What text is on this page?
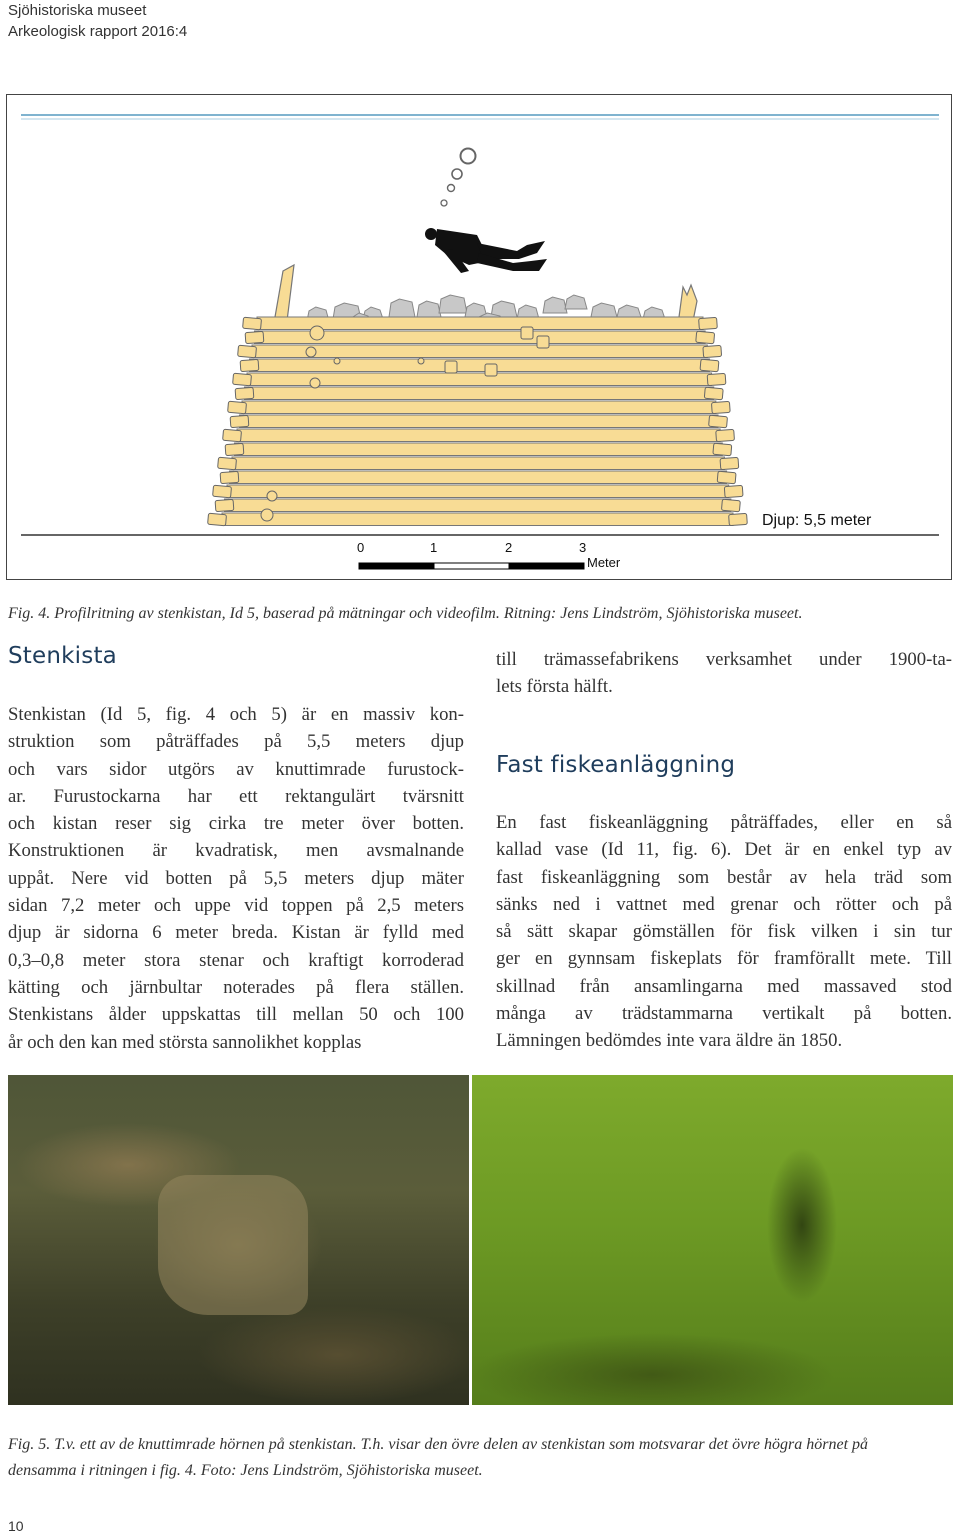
Sjöhistoriska museet
Arkeologisk rapport 2016:4
Djup: 5,5 meter
0	1	2	3
Meter
Fig. 4. Profilritning av stenkistan, Id 5, baserad på mätningar och videofilm. Ritning: Jens Lindström, Sjöhistoriska museet.
Stenkista
Stenkistan (Id 5, fig. 4 och 5) är en massiv kon-
struktion som påträffades på 5,5 meters djup
och vars sidor utgörs av knuttimrade furustock-
ar. Furustockarna har ett rektangulärt tvärsnitt
och kistan reser sig cirka tre meter över botten.
Konstruktionen är kvadratisk, men avsmalnande
uppåt. Nere vid botten på 5,5 meters djup mäter
sidan 7,2 meter och uppe vid toppen på 2,5 meters
djup är sidorna 6 meter breda. Kistan är fylld med
0,3–0,8 meter stora stenar och kraftigt korroderad
kätting och järnbultar noterades på flera ställen.
Stenkistans ålder uppskattas till mellan 50 och 100
år och den kan med största sannolikhet kopplas
till trämassefabrikens verksamhet under 1900-ta-
lets första hälft.
Fast fiskeanläggning
En fast fiskeanläggning påträffades, eller en så
kallad vase (Id 11, fig. 6). Det är en enkel typ av
fast fiskeanläggning som består av hela träd som
sänks ned i vattnet med grenar och rötter och på
så sätt skapar gömställen för fisk vilken i sin tur
ger en gynnsam fiskeplats för framförallt mete. Till
skillnad från ansamlingarna med massaved stod
många av trädstammarna vertikalt på botten.
Lämningen bedömdes inte vara äldre än 1850.
Fig. 5. T.v. ett av de knuttimrade hörnen på stenkistan. T.h. visar den övre delen av stenkistan som motsvarar det övre högra hörnet på
densamma i ritningen i fig. 4. Foto: Jens Lindström, Sjöhistoriska museet.
10
